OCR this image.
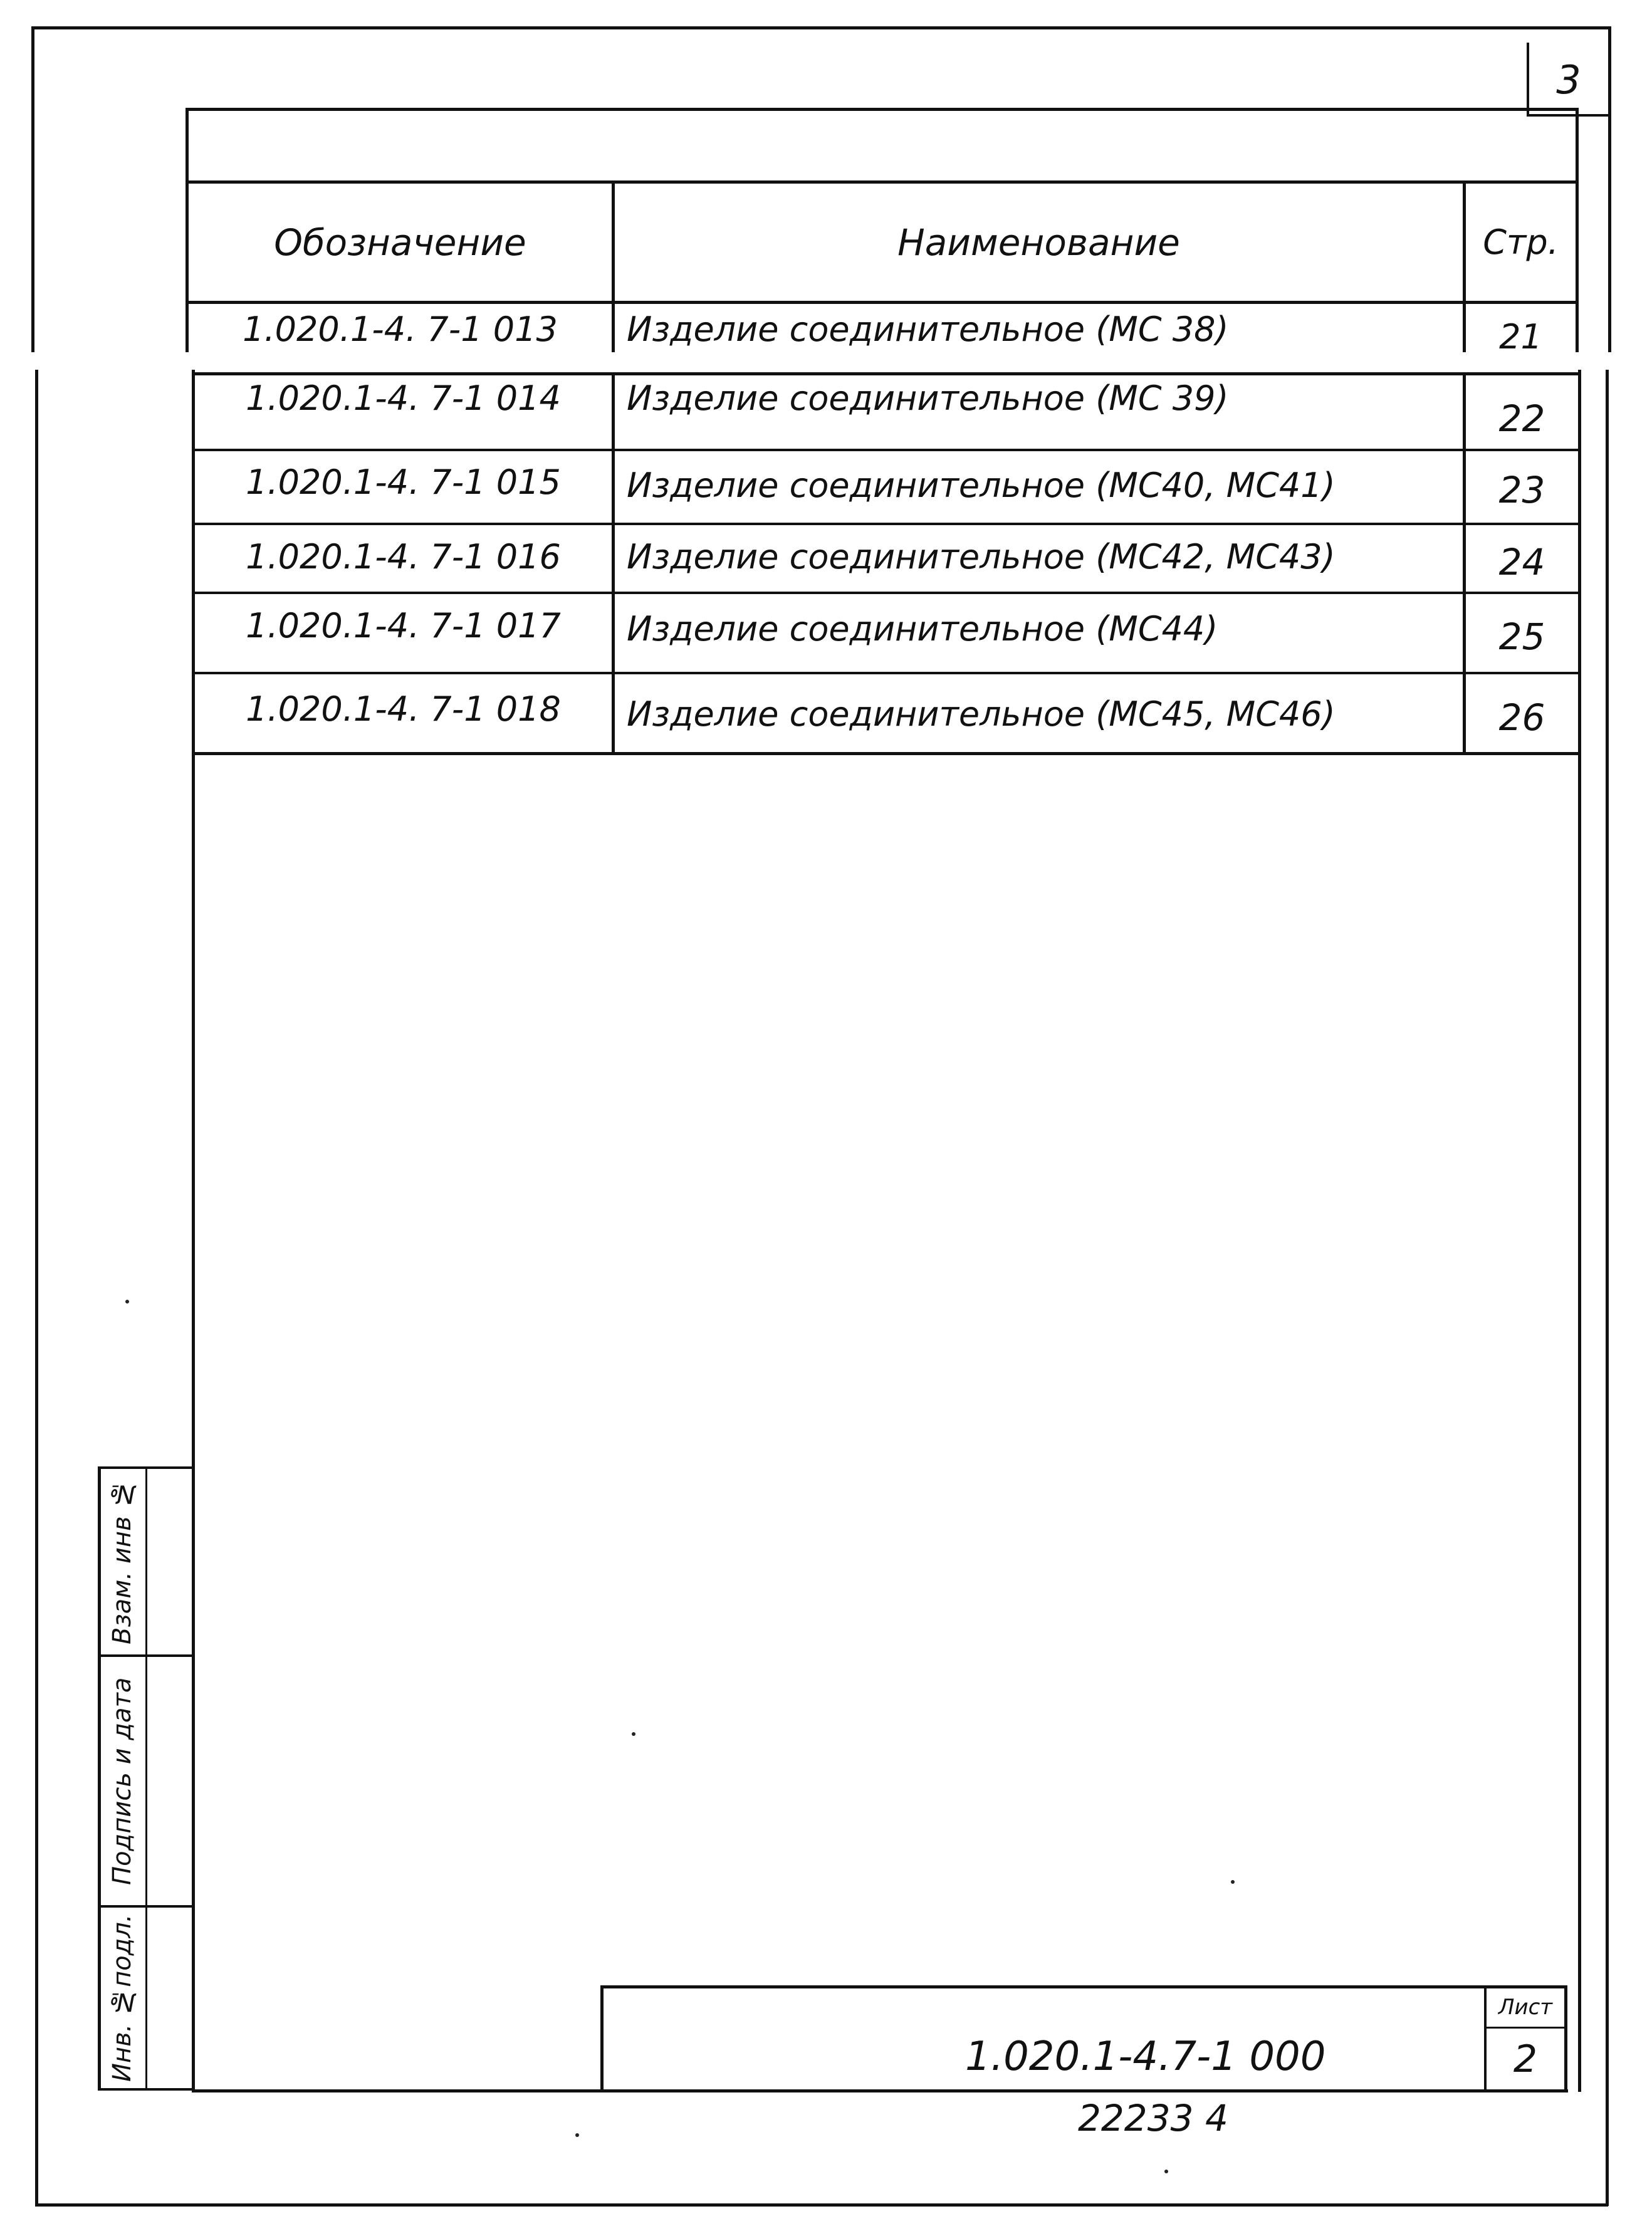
3
Обозначение	Наименование	Стр.
1.020.1-4. 7-1 013	Изделие соединительное (МС 38)	21
1.020.1-4. 7-1 014	Изделие соединительное (МС 39)	22
1.020.1-4. 7-1 015	Изделие соединительное (МС40, МС41)	23
1.020.1-4. 7-1 016	Изделие соединительное (МС42, МС43)	24
1.020.1-4. 7-1 017	Изделие соединительное (МС44)	25
1.020.1-4. 7-1 018	Изделие соединительное (МС45, МС46)	26
Взам. инв №
Подпись и дата
Инв. №подл.	1.020.1-4.7-1 000
Лист
2
22233 4
